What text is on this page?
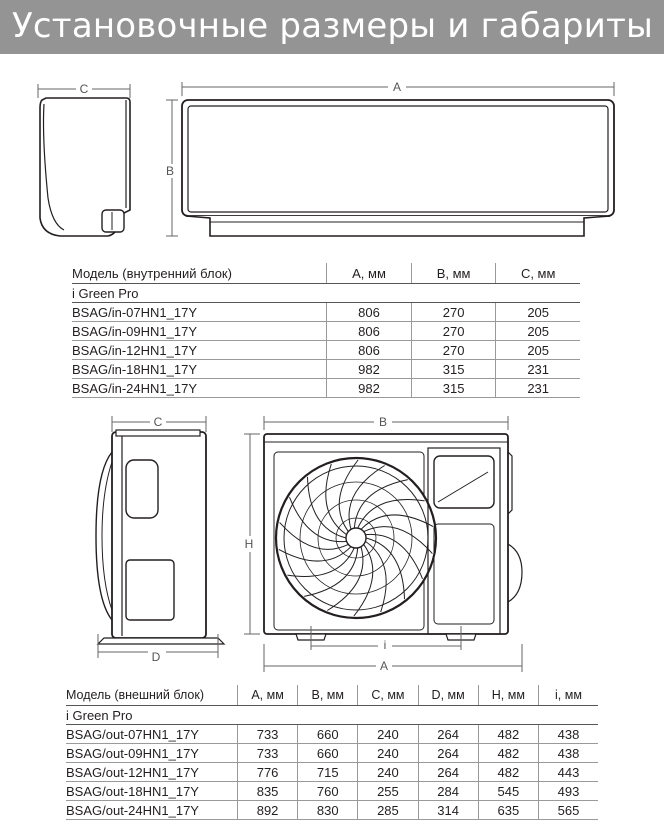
Установочные размеры и габариты
C	A
B
Модель (внутренний блок)	A, мм	B, мм	C, мм
i Green Pro			
BSAG/in-07HN1_17Y	806	270	205
BSAG/in-09HN1_17Y	806	270	205
BSAG/in-12HN1_17Y	806	270	205
BSAG/in-18HN1_17Y	982	315	231
BSAG/in-24HN1_17Y	982	315	231
C
D
B
H
i
A
Модель (внешний блок)	A, мм	B, мм	C, мм	D, мм	H, мм	i, мм
i Green Pro						
BSAG/out-07HN1_17Y	733	660	240	264	482	438
BSAG/out-09HN1_17Y	733	660	240	264	482	438
BSAG/out-12HN1_17Y	776	715	240	264	482	443
BSAG/out-18HN1_17Y	835	760	255	284	545	493
BSAG/out-24HN1_17Y	892	830	285	314	635	565
